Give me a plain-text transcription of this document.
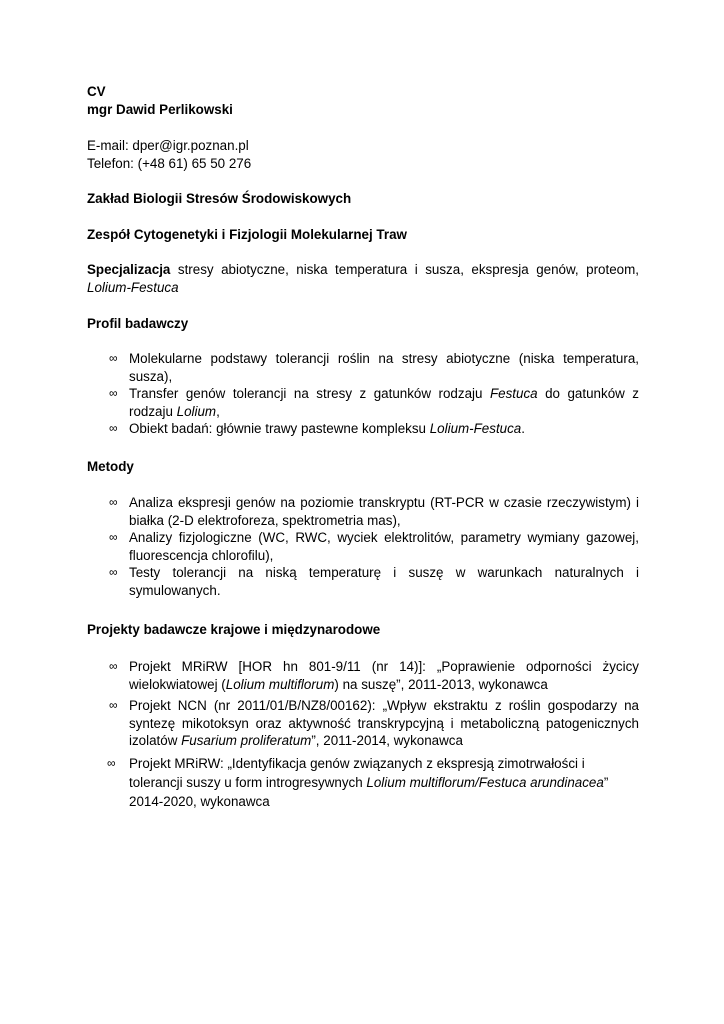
CV
mgr Dawid Perlikowski
E-mail: dper@igr.poznan.pl
Telefon: (+48 61) 65 50 276
Zakład Biologii Stresów Środowiskowych
Zespół Cytogenetyki i Fizjologii Molekularnej Traw
Specjalizacja stresy abiotyczne, niska temperatura i susza, ekspresja genów, proteom, Lolium-Festuca
Profil badawczy
∞ Molekularne podstawy tolerancji roślin na stresy abiotyczne (niska temperatura, susza),
∞ Transfer genów tolerancji na stresy z gatunków rodzaju Festuca do gatunków z rodzaju Lolium,
∞ Obiekt badań: głównie trawy pastewne kompleksu Lolium-Festuca.
Metody
∞ Analiza ekspresji genów na poziomie transkryptu (RT-PCR w czasie rzeczywistym) i białka (2-D elektroforeza, spektrometria mas),
∞ Analizy fizjologiczne (WC, RWC, wyciek elektrolitów, parametry wymiany gazowej, fluorescencja chlorofilu),
∞ Testy tolerancji na niską temperaturę i suszę w warunkach naturalnych i symulowanych.
Projekty badawcze krajowe i międzynarodowe
∞ Projekt MRiRW [HOR hn 801-9/11 (nr 14)]: „Poprawienie odporności życicy wielokwiatowej (Lolium multiflorum) na suszę”, 2011-2013, wykonawca
∞ Projekt NCN (nr 2011/01/B/NZ8/00162): „Wpływ ekstraktu z roślin gospodarzy na syntezę mikotoksyn oraz aktywność transkrypcyjną i metaboliczną patogenicznych izolatów Fusarium proliferatum”, 2011-2014, wykonawca
∞ Projekt MRiRW: „Identyfikacja genów związanych z ekspresją zimotrwałości i
tolerancji suszy u form introgresywnych Lolium multiflorum/Festuca arundinacea”
2014-2020, wykonawca
